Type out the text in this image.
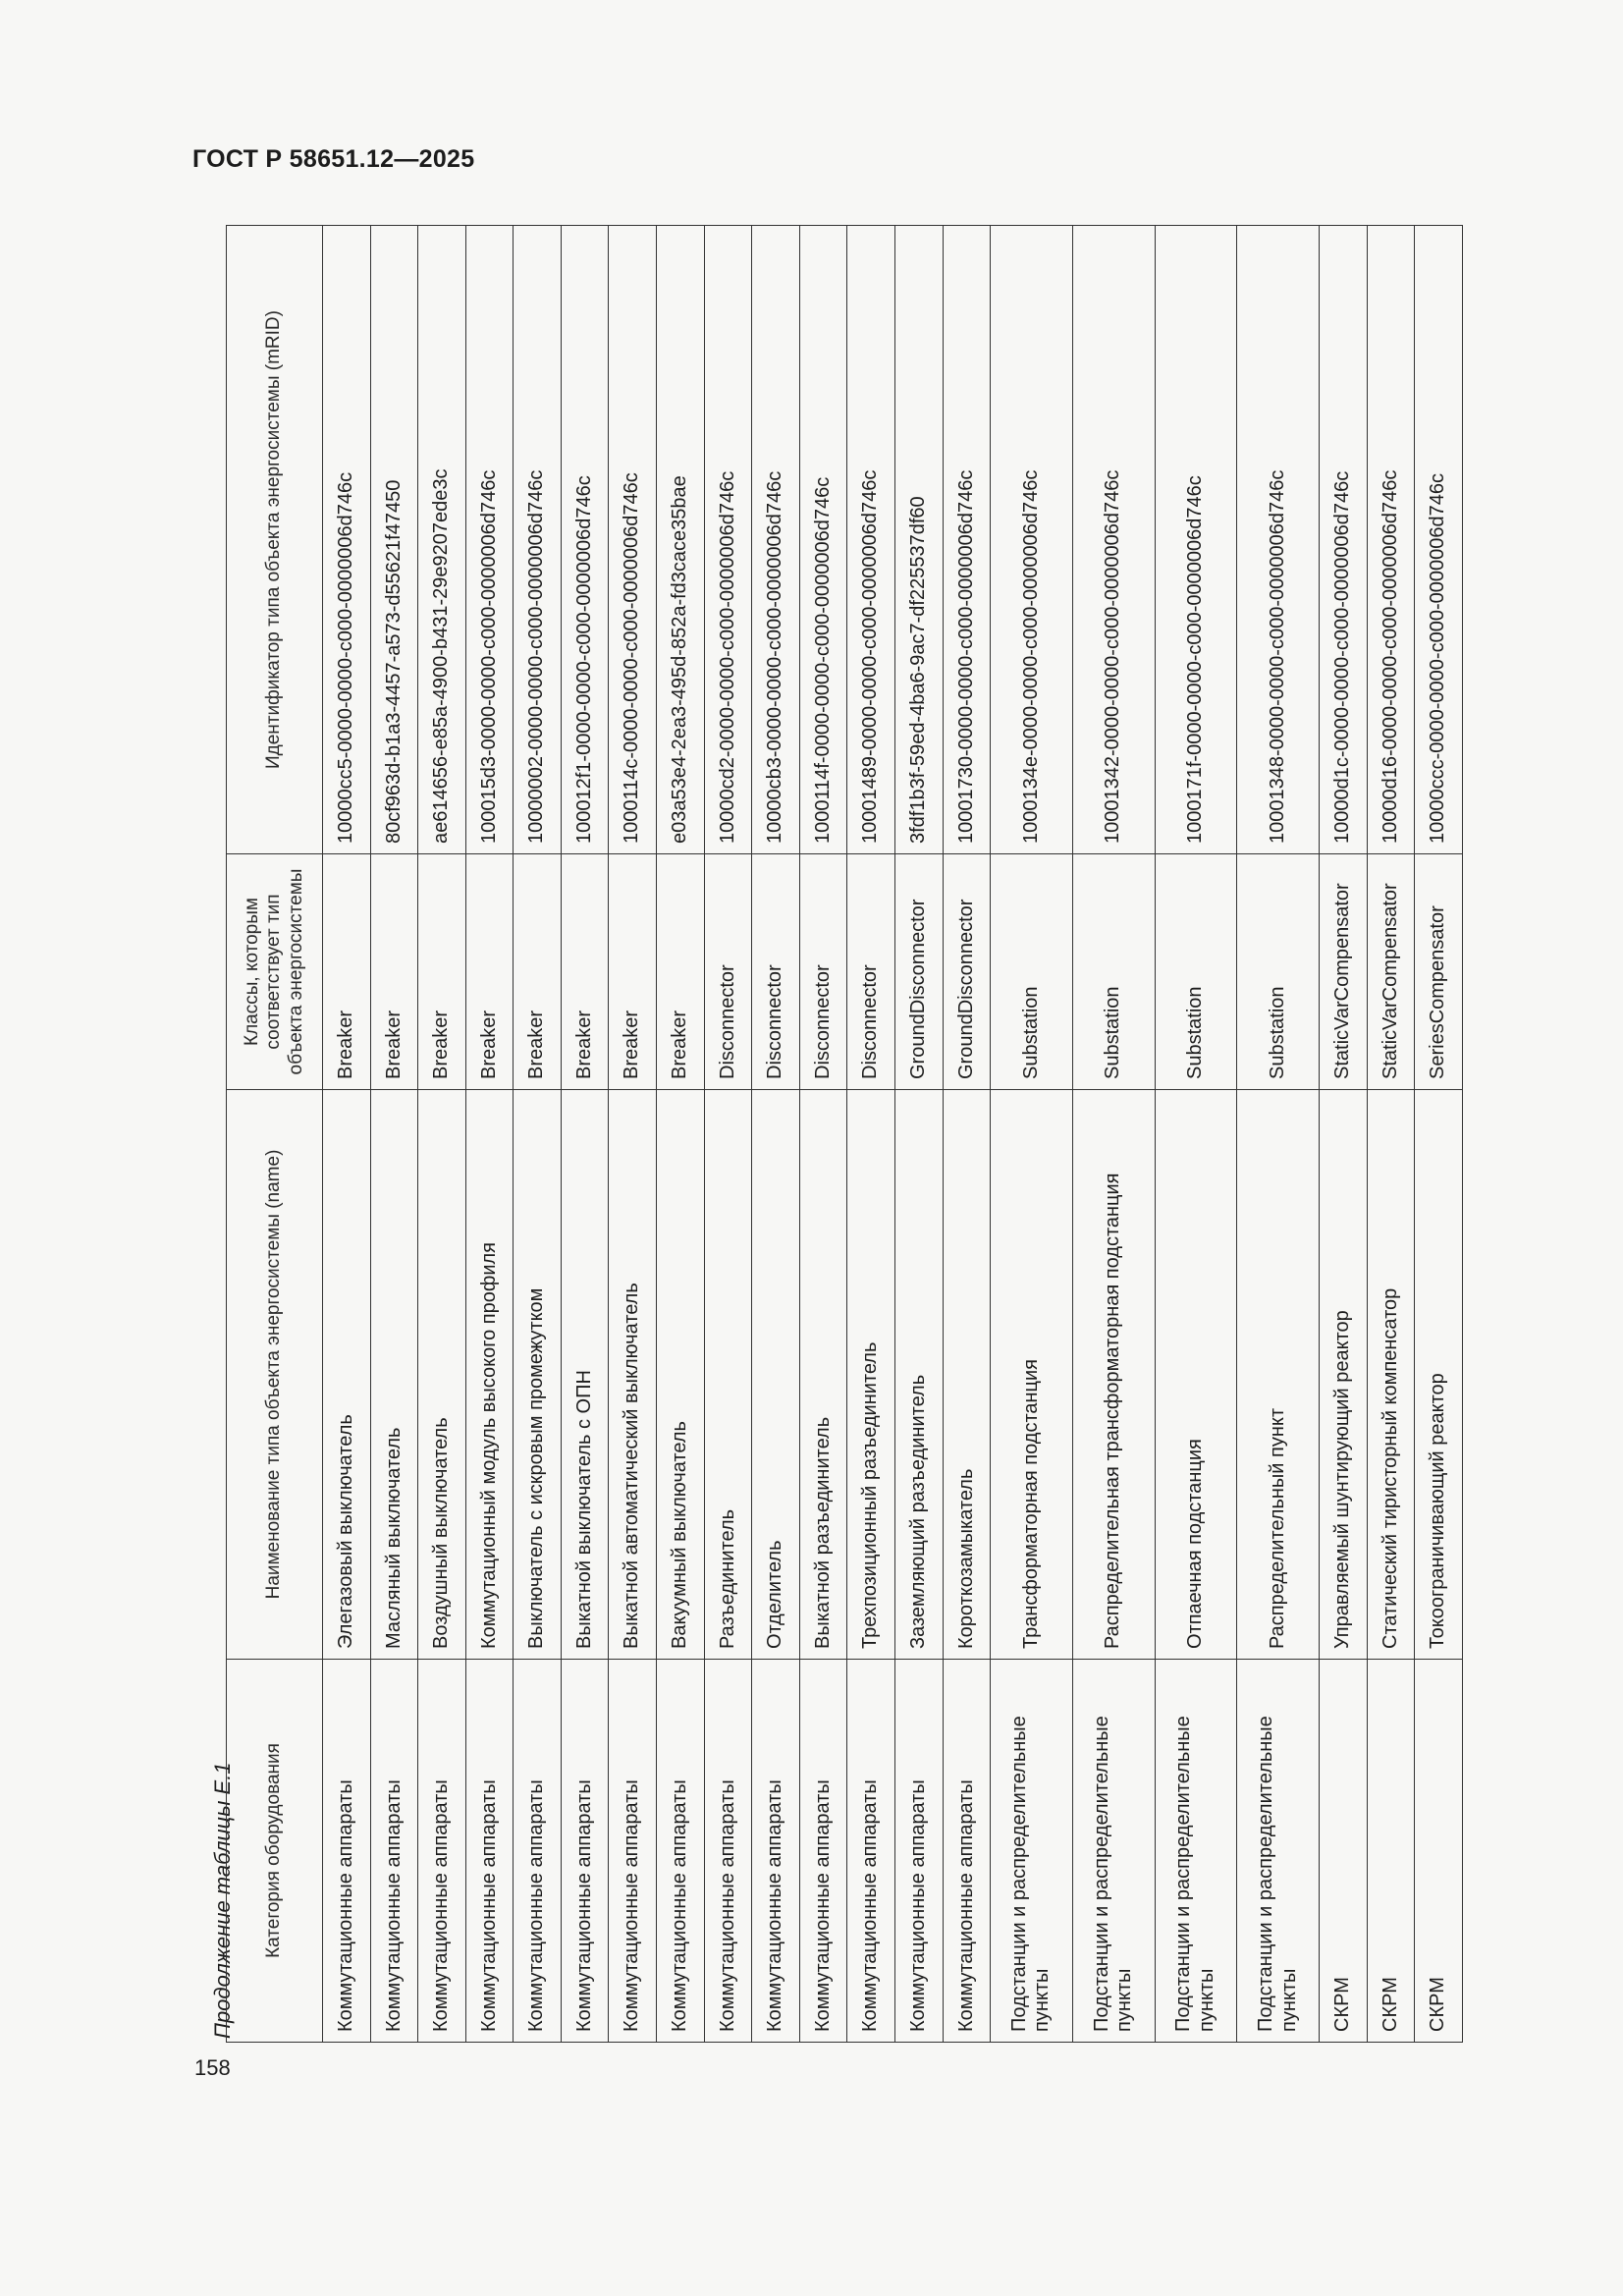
ГОСТ Р 58651.12—2025
158
Продолжение таблицы Е.1 Категория оборудования	Наименование типа объекта энергосистемы (name)	Классы, которым соответствует тип объекта энергосистемы	Идентификатор типа объекта энергосистемы (mRID)
Коммутационные аппараты	Элегазовый выключатель	Breaker	10000cc5-0000-0000-c000-0000006d746c
Коммутационные аппараты	Масляный выключатель	Breaker	80cf963d-b1a3-4457-a573-d55621f47450
Коммутационные аппараты	Воздушный выключатель	Breaker	ae614656-e85a-4900-b431-29e9207ede3c
Коммутационные аппараты	Коммутационный модуль высокого профиля	Breaker	100015d3-0000-0000-c000-0000006d746c
Коммутационные аппараты	Выключатель с искровым промежутком	Breaker	10000002-0000-0000-c000-0000006d746c
Коммутационные аппараты	Выкатной выключатель с ОПН	Breaker	100012f1-0000-0000-c000-0000006d746c
Коммутационные аппараты	Выкатной автоматический выключатель	Breaker	1000114c-0000-0000-c000-0000006d746c
Коммутационные аппараты	Вакуумный выключатель	Breaker	e03a53e4-2ea3-495d-852a-fd3cace35bae
Коммутационные аппараты	Разъединитель	Disconnector	10000cd2-0000-0000-c000-0000006d746c
Коммутационные аппараты	Отделитель	Disconnector	10000cb3-0000-0000-c000-0000006d746c
Коммутационные аппараты	Выкатной разъединитель	Disconnector	1000114f-0000-0000-c000-0000006d746c
Коммутационные аппараты	Трехпозиционный разъединитель	Disconnector	10001489-0000-0000-c000-0000006d746c
Коммутационные аппараты	Заземляющий разъединитель	GroundDisconnector	3fdf1b3f-59ed-4ba6-9ac7-df225537df60
Коммутационные аппараты	Короткозамыкатель	GroundDisconnector	10001730-0000-0000-c000-0000006d746c
Подстанции и распределительные пункты	Трансформаторная подстанция	Substation	1000134e-0000-0000-c000-0000006d746c
Подстанции и распределительные пункты	Распределительная трансформаторная подстанция	Substation	10001342-0000-0000-c000-0000006d746c
Подстанции и распределительные пункты	Отпаечная подстанция	Substation	1000171f-0000-0000-c000-0000006d746c
Подстанции и распределительные пункты	Распределительный пункт	Substation	10001348-0000-0000-c000-0000006d746c
СКРМ	Управляемый шунтирующий реактор	StaticVarCompensator	10000d1c-0000-0000-c000-0000006d746c
СКРМ	Статический тиристорный компенсатор	StaticVarCompensator	10000d16-0000-0000-c000-0000006d746c
СКРМ	Токоограничивающий реактор	SeriesCompensator	10000ccc-0000-0000-c000-0000006d746c
